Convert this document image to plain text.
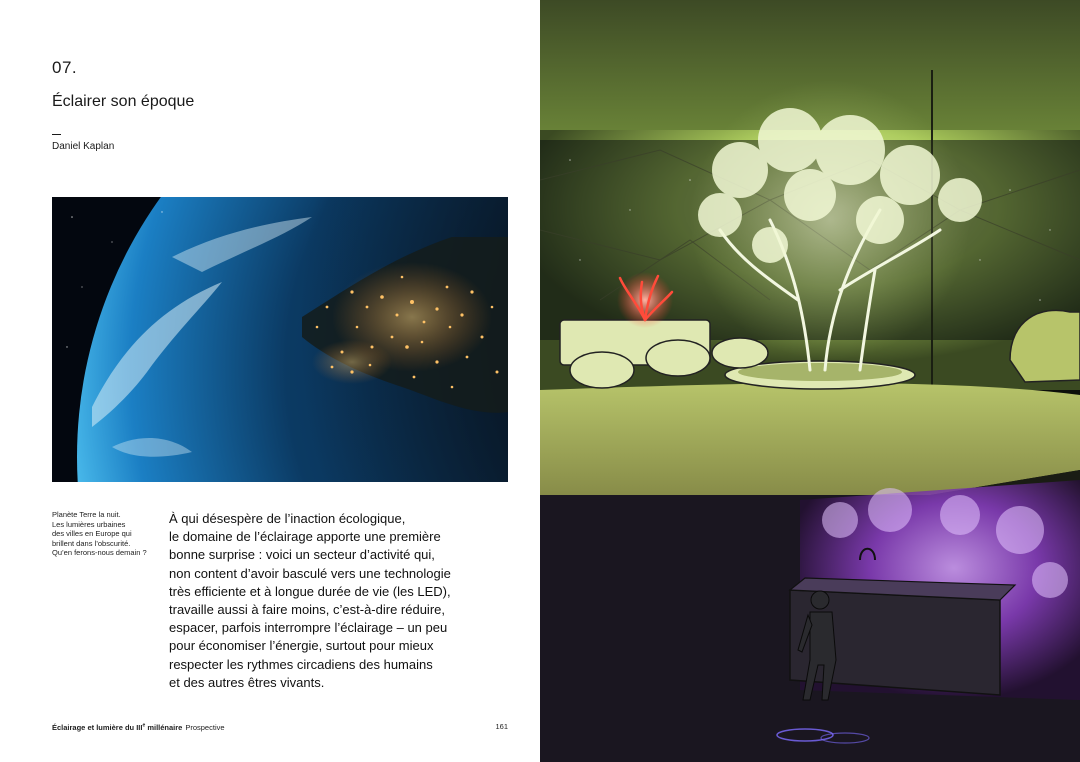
07.
Éclairer son époque
Daniel Kaplan
Planète Terre la nuit.
Les lumières urbaines
des villes en Europe qui
brillent dans l’obscurité.
Qu’en ferons-nous demain ?
À qui désespère de l’inaction écologique,
le domaine de l’éclairage apporte une première
bonne surprise : voici un secteur d’activité qui,
non content d’avoir basculé vers une technologie
très efficiente et à longue durée de vie (les LED),
travaille aussi à faire moins, c’est-à-dire réduire,
espacer, parfois interrompre l’éclairage – un peu
pour économiser l’énergie, surtout pour mieux
respecter les rythmes circadiens des humains
et des autres êtres vivants.
Éclairage et lumière du IIIe millénaire Prospective	161
